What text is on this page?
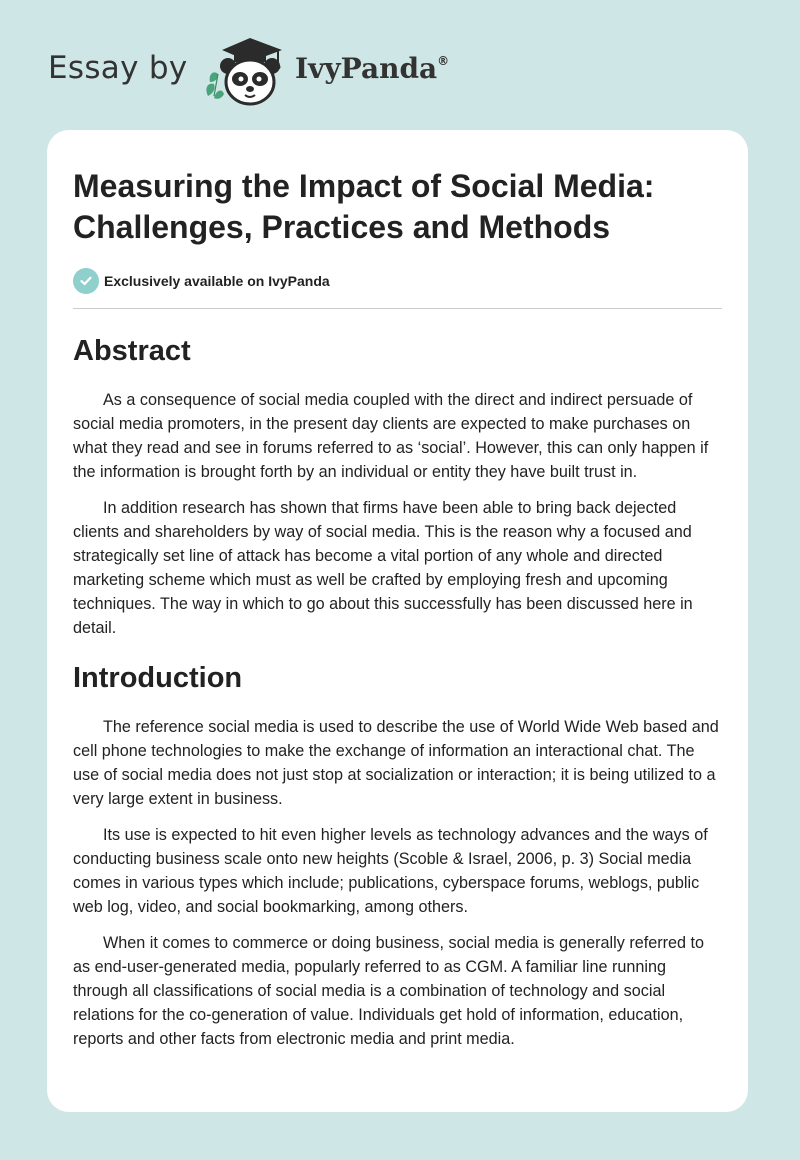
Essay by	IvyPanda®
Measuring the Impact of Social Media: Challenges, Practices and Methods
Exclusively available on IvyPanda
Abstract

As a consequence of social media coupled with the direct and indirect persuade of social media promoters, in the present day clients are expected to make purchases on what they read and see in forums referred to as ‘social’. However, this can only happen if the information is brought forth by an individual or entity they have built trust in.

In addition research has shown that firms have been able to bring back dejected clients and shareholders by way of social media. This is the reason why a focused and strategically set line of attack has become a vital portion of any whole and directed marketing scheme which must as well be crafted by employing fresh and upcoming techniques. The way in which to go about this successfully has been discussed here in detail.

Introduction

The reference social media is used to describe the use of World Wide Web based and cell phone technologies to make the exchange of information an interactional chat. The use of social media does not just stop at socialization or interaction; it is being utilized to a very large extent in business.

Its use is expected to hit even higher levels as technology advances and the ways of conducting business scale onto new heights (Scoble & Israel, 2006, p. 3) Social media comes in various types which include; publications, cyberspace forums, weblogs, public web log, video, and social bookmarking, among others.

When it comes to commerce or doing business, social media is generally referred to as end-user-generated media, popularly referred to as CGM. A familiar line running through all classifications of social media is a combination of technology and social relations for the co-generation of value. Individuals get hold of information, education, reports and other facts from electronic media and print media.
